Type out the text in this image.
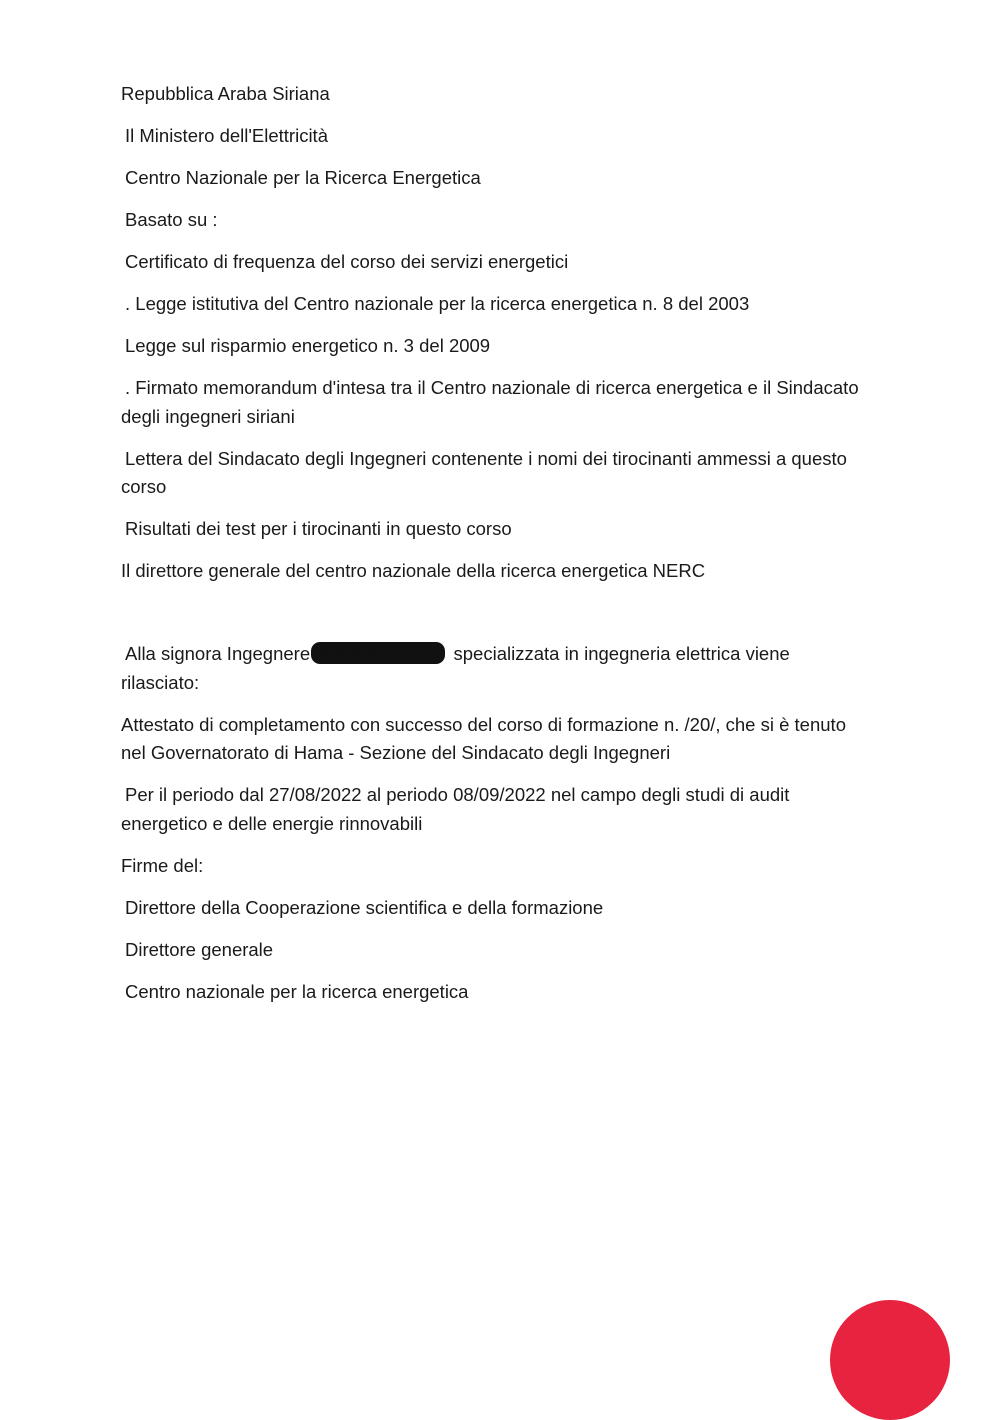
Repubblica Araba Siriana

Il Ministero dell'Elettricità

Centro Nazionale per la Ricerca Energetica

Basato su :

Certificato di frequenza del corso dei servizi energetici

. Legge istitutiva del Centro nazionale per la ricerca energetica n. 8 del 2003

Legge sul risparmio energetico n. 3 del 2009

. Firmato memorandum d'intesa tra il Centro nazionale di ricerca energetica e il Sindacato degli ingegneri siriani

Lettera del Sindacato degli Ingegneri contenente i nomi dei tirocinanti ammessi a questo corso

Risultati dei test per i tirocinanti in questo corso

Il direttore generale del centro nazionale della ricerca energetica NERC

Alla signora Ingegnere Magda El-Masoud specializzata in ingegneria elettrica viene rilasciato:

Attestato di completamento con successo del corso di formazione n. /20/, che si è tenuto nel Governatorato di Hama - Sezione del Sindacato degli Ingegneri

Per il periodo dal 27/08/2022 al periodo 08/09/2022 nel campo degli studi di audit energetico e delle energie rinnovabili

Firme del:

Direttore della Cooperazione scientifica e della formazione

Direttore generale

Centro nazionale per la ricerca energetica
